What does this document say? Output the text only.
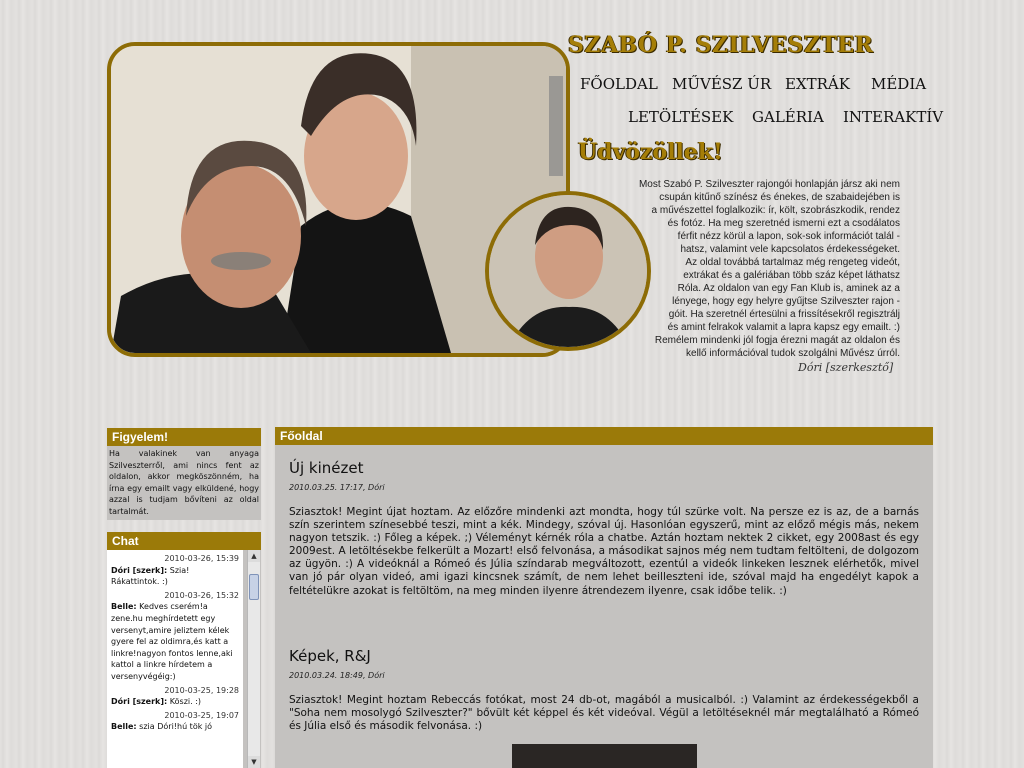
SZABÓ P. SZILVESZTER
FŐOLDAL MŰVÉSZ ÚR EXTRÁK MÉDIA
LETÖLTÉSEK GALÉRIA INTERAKTÍV
Üdvözöllek!
Most Szabó P. Szilveszter rajongói honlapján jársz aki nem
csupán kitűnő színész és énekes, de szabaidejében is
a művészettel foglalkozik: ír, költ, szobrászkodik, rendez
és fotóz. Ha meg szeretnéd ismerni ezt a csodálatos
férfit nézz körül a lapon, sok-sok információt talál -
hatsz, valamint vele kapcsolatos érdekességeket.
Az oldal továbbá tartalmaz még rengeteg videót,
extrákat és a galériában több száz képet láthatsz
Róla. Az oldalon van egy Fan Klub is, aminek az a
lényege, hogy egy helyre gyűjtse Szilveszter rajon -
góit. Ha szeretnél értesülni a frissítésekről regisztrálj
és amint felrakok valamit a lapra kapsz egy emailt. :)
Remélem mindenki jól fogja érezni magát az oldalon és
kellő információval tudok szolgálni Művész úrról.
Dóri [szerkesztő]
Figyelem!
Ha valakinek van anyaga Szilveszterről, ami nincs fent az oldalon, akkor megköszönném, ha írna egy emailt vagy elküldené, hogy azzal is tudjam bővíteni az oldal tartalmát.
Chat
2010-03-26, 15:39
Dóri [szerk]: Szia! Rákattintok. :)
2010-03-26, 15:32
Belle: Kedves cserém!a zene.hu meghírdetett egy versenyt,amire jeliztem kélek gyere fel az oldimra,és katt a linkre!nagyon fontos lenne,aki kattol a linkre hírdetem a versenyvégéig:)
2010-03-25, 19:28
Dóri [szerk]: Köszi. :)
2010-03-25, 19:07
Belle: szia Dóri!hú tök jó
▲
▼
Főoldal
Új kinézet
2010.03.25. 17:17, Dóri
Sziasztok! Megint újat hoztam. Az előzőre mindenki azt mondta, hogy túl szürke volt. Na persze ez is az, de a barnás szín szerintem színesebbé teszi, mint a kék. Mindegy, szóval új. Hasonlóan egyszerű, mint az előző mégis más, nekem nagyon tetszik. :) Főleg a képek. ;) Véleményt kérnék róla a chatbe. Aztán hoztam nektek 2 cikket, egy 2008ast és egy 2009est. A letöltésekbe felkerült a Mozart! első felvonása, a másodikat sajnos még nem tudtam feltölteni, de dolgozom az ügyön. :) A videóknál a Rómeó és Júlia színdarab megváltozott, ezentúl a videók linkeken lesznek elérhetők, mivel van jó pár olyan videó, ami igazi kincsnek számít, de nem lehet beilleszteni ide, szóval majd ha engedélyt kapok a feltételükre azokat is feltöltöm, na meg minden ilyenre átrendezem ilyenre, csak időbe telik. :)
Képek, R&J
2010.03.24. 18:49, Dóri
Sziasztok! Megint hoztam Rebeccás fotókat, most 24 db-ot, magából a musicalból. :) Valamint az érdekességekből a "Soha nem mosolygó Szilveszter?" bővült két képpel és két videóval. Végül a letöltéseknél már megtalálható a Rómeó és Júlia első és második felvonása. :)
